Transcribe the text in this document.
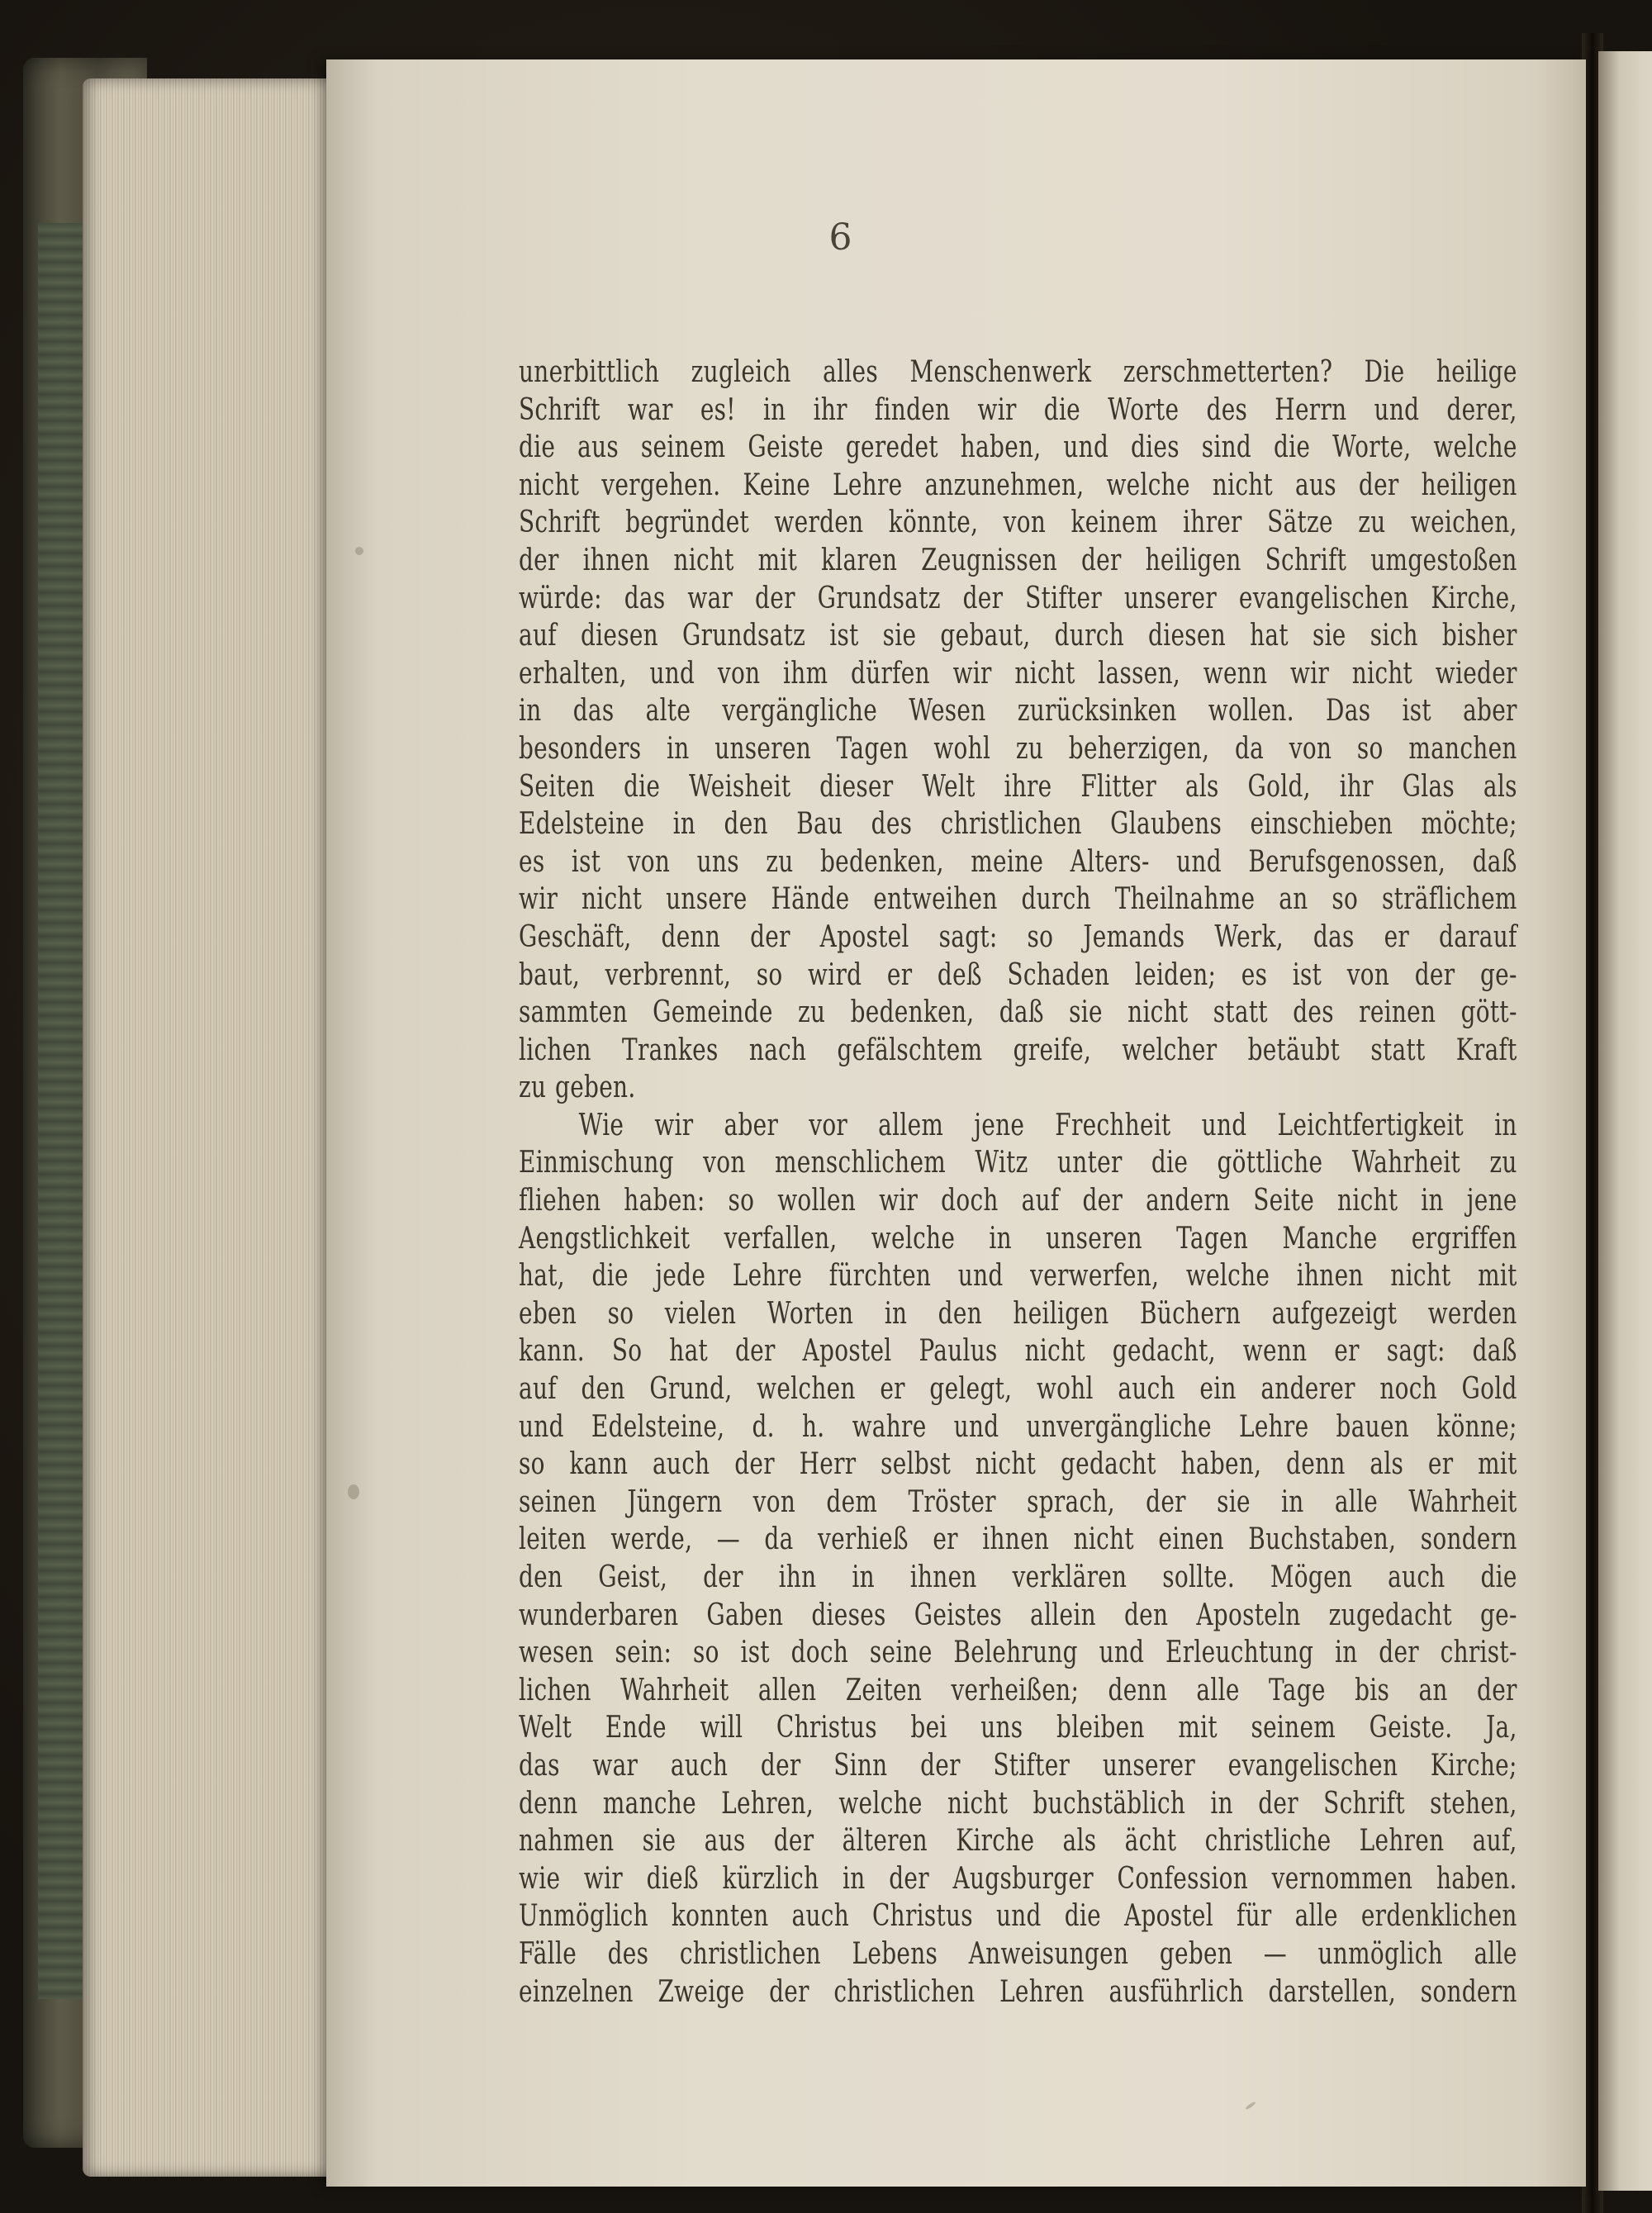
6
unerbittlich zugleich alles Menschenwerk zerschmetterten? Die heilige
Schrift war es! in ihr finden wir die Worte des Herrn und derer,
die aus seinem Geiste geredet haben, und dies sind die Worte, welche
nicht vergehen. Keine Lehre anzunehmen, welche nicht aus der heiligen
Schrift begründet werden könnte, von keinem ihrer Sätze zu weichen,
der ihnen nicht mit klaren Zeugnissen der heiligen Schrift umgestoßen
würde: das war der Grundsatz der Stifter unserer evangelischen Kirche,
auf diesen Grundsatz ist sie gebaut, durch diesen hat sie sich bisher
erhalten, und von ihm dürfen wir nicht lassen, wenn wir nicht wieder
in das alte vergängliche Wesen zurücksinken wollen. Das ist aber
besonders in unseren Tagen wohl zu beherzigen, da von so manchen
Seiten die Weisheit dieser Welt ihre Flitter als Gold, ihr Glas als
Edelsteine in den Bau des christlichen Glaubens einschieben möchte;
es ist von uns zu bedenken, meine Alters- und Berufsgenossen, daß
wir nicht unsere Hände entweihen durch Theilnahme an so sträflichem
Geschäft, denn der Apostel sagt: so Jemands Werk, das er darauf
baut, verbrennt, so wird er deß Schaden leiden; es ist von der ge-
sammten Gemeinde zu bedenken, daß sie nicht statt des reinen gött-
lichen Trankes nach gefälschtem greife, welcher betäubt statt Kraft
zu geben.
Wie wir aber vor allem jene Frechheit und Leichtfertigkeit in
Einmischung von menschlichem Witz unter die göttliche Wahrheit zu
fliehen haben: so wollen wir doch auf der andern Seite nicht in jene
Aengstlichkeit verfallen, welche in unseren Tagen Manche ergriffen
hat, die jede Lehre fürchten und verwerfen, welche ihnen nicht mit
eben so vielen Worten in den heiligen Büchern aufgezeigt werden
kann. So hat der Apostel Paulus nicht gedacht, wenn er sagt: daß
auf den Grund, welchen er gelegt, wohl auch ein anderer noch Gold
und Edelsteine, d. h. wahre und unvergängliche Lehre bauen könne;
so kann auch der Herr selbst nicht gedacht haben, denn als er mit
seinen Jüngern von dem Tröster sprach, der sie in alle Wahrheit
leiten werde, — da verhieß er ihnen nicht einen Buchstaben, sondern
den Geist, der ihn in ihnen verklären sollte. Mögen auch die
wunderbaren Gaben dieses Geistes allein den Aposteln zugedacht ge-
wesen sein: so ist doch seine Belehrung und Erleuchtung in der christ-
lichen Wahrheit allen Zeiten verheißen; denn alle Tage bis an der
Welt Ende will Christus bei uns bleiben mit seinem Geiste. Ja,
das war auch der Sinn der Stifter unserer evangelischen Kirche;
denn manche Lehren, welche nicht buchstäblich in der Schrift stehen,
nahmen sie aus der älteren Kirche als ächt christliche Lehren auf,
wie wir dieß kürzlich in der Augsburger Confession vernommen haben.
Unmöglich konnten auch Christus und die Apostel für alle erdenklichen
Fälle des christlichen Lebens Anweisungen geben — unmöglich alle
einzelnen Zweige der christlichen Lehren ausführlich darstellen, sondern
